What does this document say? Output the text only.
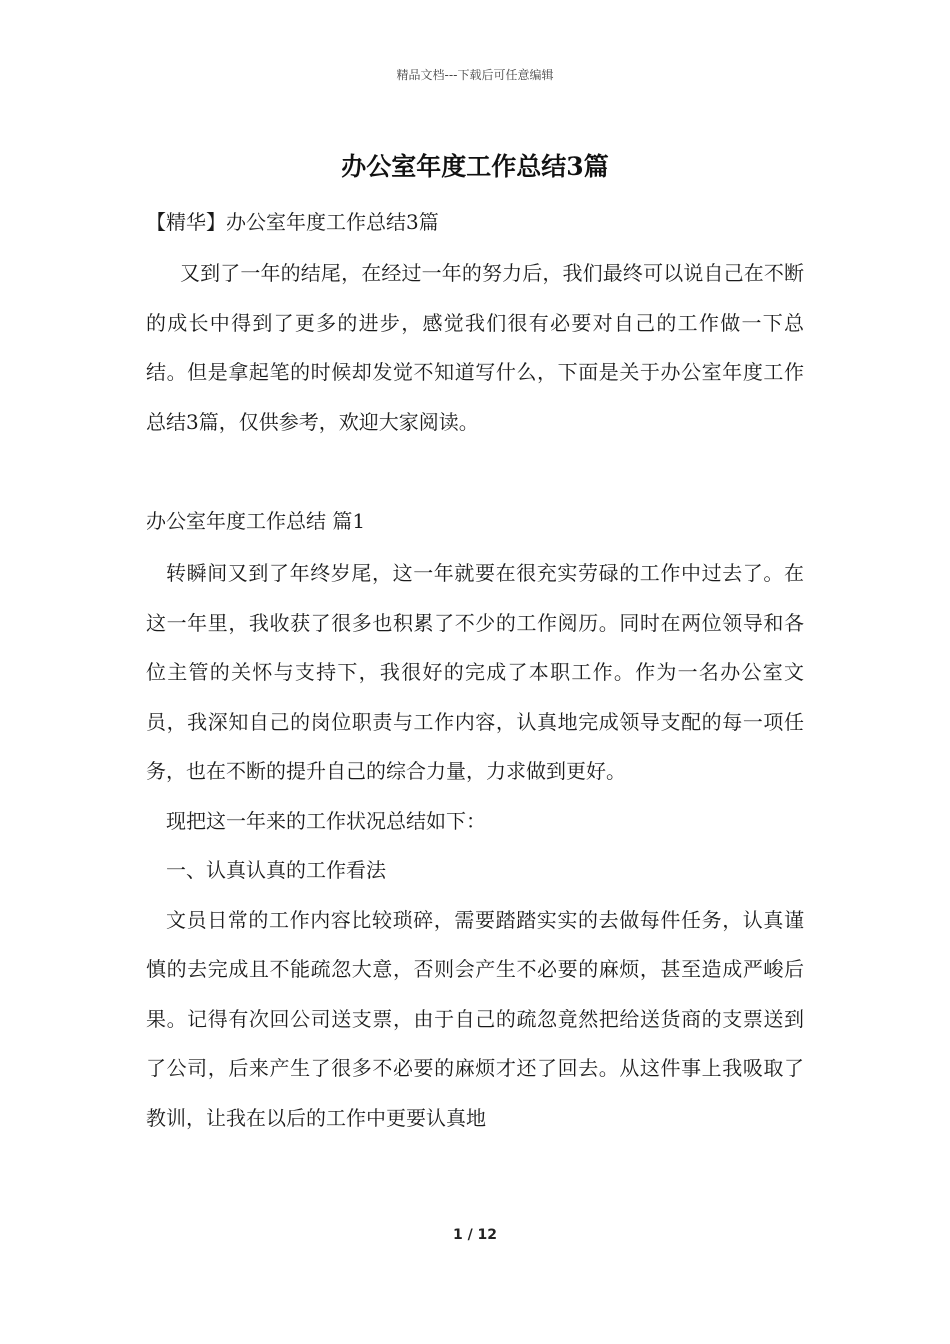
精品文档---下载后可任意编辑
办公室年度工作总结3篇
【精华】办公室年度工作总结3篇

又到了一年的结尾，在经过一年的努力后，我们最终可以说自己在不断的成长中得到了更多的进步，感觉我们很有必要对自己的工作做一下总结。但是拿起笔的时候却发觉不知道写什么，下面是关于办公室年度工作总结3篇，仅供参考，欢迎大家阅读。

办公室年度工作总结 篇1

转瞬间又到了年终岁尾，这一年就要在很充实劳碌的工作中过去了。在这一年里，我收获了很多也积累了不少的工作阅历。同时在两位领导和各位主管的关怀与支持下，我很好的完成了本职工作。作为一名办公室文员，我深知自己的岗位职责与工作内容，认真地完成领导支配的每一项任务，也在不断的提升自己的综合力量，力求做到更好。

现把这一年来的工作状况总结如下：

一、认真认真的工作看法

文员日常的工作内容比较琐碎，需要踏踏实实的去做每件任务，认真谨慎的去完成且不能疏忽大意，否则会产生不必要的麻烦，甚至造成严峻后果。记得有次回公司送支票，由于自己的疏忽竟然把给送货商的支票送到了公司，后来产生了很多不必要的麻烦才还了回去。从这件事上我吸取了教训，让我在以后的工作中更要认真地

1 / 12
